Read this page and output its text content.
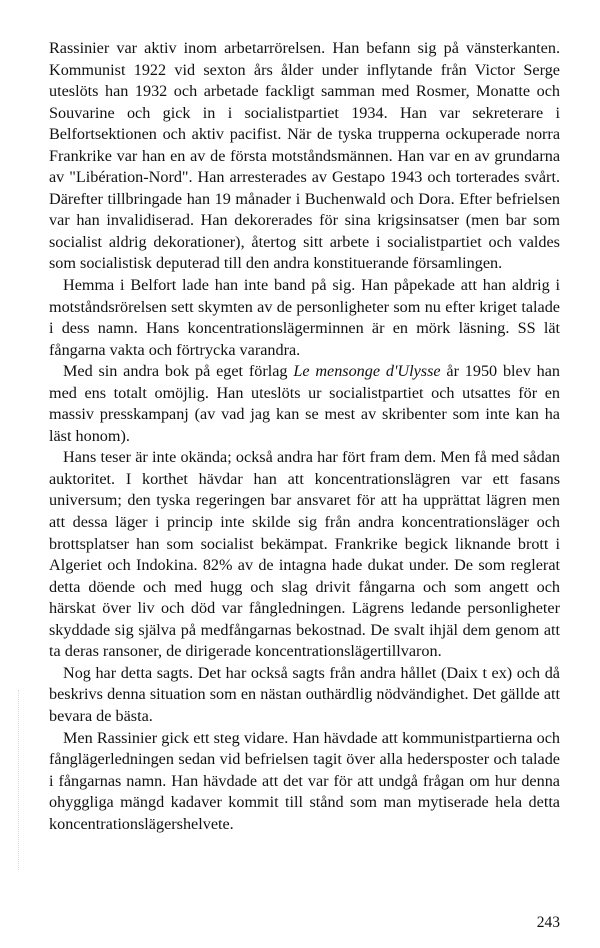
Rassinier var aktiv inom arbetarrörelsen. Han befann sig på vänsterkanten. Kommunist 1922 vid sexton års ålder under inflytande från Victor Serge uteslöts han 1932 och arbetade fackligt samman med Rosmer, Monatte och Souvarine och gick in i socialistpartiet 1934. Han var sekreterare i Belfortsektionen och aktiv pacifist. När de tyska trupperna ockuperade norra Frankrike var han en av de första motståndsmännen. Han var en av grundarna av "Libération-Nord". Han arresterades av Gestapo 1943 och torterades svårt. Därefter tillbringade han 19 månader i Buchenwald och Dora. Efter befrielsen var han invalidiserad. Han dekorerades för sina krigsinsatser (men bar som socialist aldrig dekorationer), återtog sitt arbete i socialistpartiet och valdes som socialistisk deputerad till den andra konstituerande församlingen.

Hemma i Belfort lade han inte band på sig. Han påpekade att han aldrig i motståndsrörelsen sett skymten av de personligheter som nu efter kriget talade i dess namn. Hans koncentrationslägerminnen är en mörk läsning. SS lät fångarna vakta och förtrycka varandra.

Med sin andra bok på eget förlag Le mensonge d'Ulysse år 1950 blev han med ens totalt omöjlig. Han uteslöts ur socialistpartiet och utsattes för en massiv presskampanj (av vad jag kan se mest av skribenter som inte kan ha läst honom).

Hans teser är inte okända; också andra har fört fram dem. Men få med sådan auktoritet. I korthet hävdar han att koncentrationslägren var ett fasans universum; den tyska regeringen bar ansvaret för att ha upprättat lägren men att dessa läger i princip inte skilde sig från andra koncentrationsläger och brottsplatser han som socialist bekämpat. Frankrike begick liknande brott i Algeriet och Indokina. 82% av de intagna hade dukat under. De som reglerat detta döende och med hugg och slag drivit fångarna och som angett och härskat över liv och död var fångledningen. Lägrens ledande personligheter skyddade sig själva på medfångarnas bekostnad. De svalt ihjäl dem genom att ta deras ransoner, de dirigerade koncentrationslägertillvaron.

Nog har detta sagts. Det har också sagts från andra hållet (Daix t ex) och då beskrivs denna situation som en nästan outhärdlig nödvändighet. Det gällde att bevara de bästa.

Men Rassinier gick ett steg vidare. Han hävdade att kommunistpartierna och fånglägerledningen sedan vid befrielsen tagit över alla hedersposter och talade i fångarnas namn. Han hävdade att det var för att undgå frågan om hur denna ohyggliga mängd kadaver kommit till stånd som man mytiserade hela detta koncentrationslägershelvete.

243
